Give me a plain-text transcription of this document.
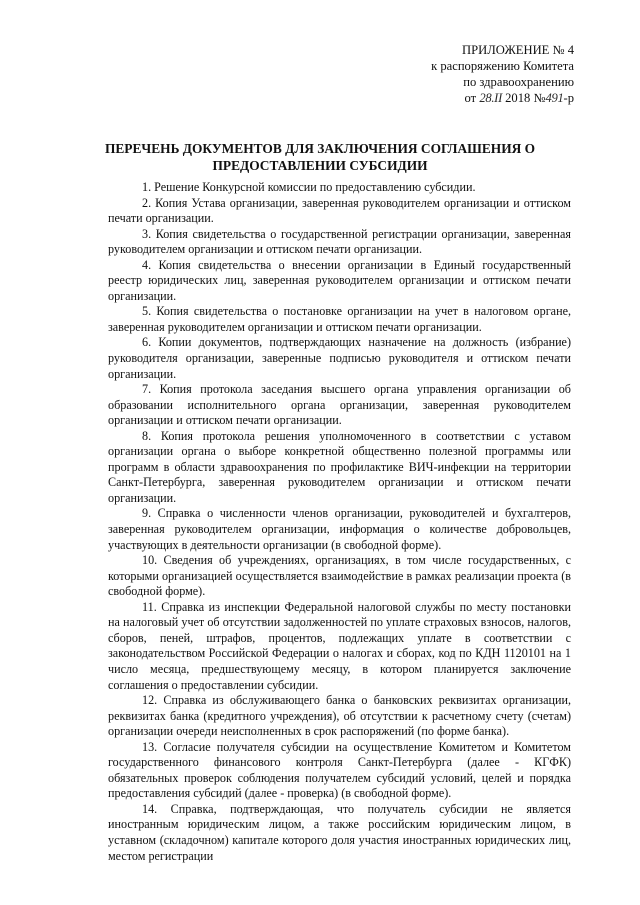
ПРИЛОЖЕНИЕ № 4
к распоряжению Комитета
по здравоохранению
от 28.II 2018 №491-р
ПЕРЕЧЕНЬ ДОКУМЕНТОВ ДЛЯ ЗАКЛЮЧЕНИЯ СОГЛАШЕНИЯ О
ПРЕДОСТАВЛЕНИИ СУБСИДИИ

1. Решение Конкурсной комиссии по предоставлению субсидии.

2. Копия Устава организации, заверенная руководителем организации и оттиском печати организации.

3. Копия свидетельства о государственной регистрации организации, заверенная руководителем организации и оттиском печати организации.

4. Копия свидетельства о внесении организации в Единый государственный реестр юридических лиц, заверенная руководителем организации и оттиском печати организации.

5. Копия свидетельства о постановке организации на учет в налоговом органе, заверенная руководителем организации и оттиском печати организации.

6. Копии документов, подтверждающих назначение на должность (избрание) руководителя организации, заверенные подписью руководителя и оттиском печати организации.

7. Копия протокола заседания высшего органа управления организации об образовании исполнительного органа организации, заверенная руководителем организации и оттиском печати организации.

8. Копия протокола решения уполномоченного в соответствии с уставом организации органа о выборе конкретной общественно полезной программы или программ в области здравоохранения по профилактике ВИЧ-инфекции на территории Санкт-Петербурга, заверенная руководителем организации и оттиском печати организации.

9. Справка о численности членов организации, руководителей и бухгалтеров, заверенная руководителем организации, информация о количестве добровольцев, участвующих в деятельности организации (в свободной форме).

10. Сведения об учреждениях, организациях, в том числе государственных, с которыми организацией осуществляется взаимодействие в рамках реализации проекта (в свободной форме).

11. Справка из инспекции Федеральной налоговой службы по месту постановки на налоговый учет об отсутствии задолженностей по уплате страховых взносов, налогов, сборов, пеней, штрафов, процентов, подлежащих уплате в соответствии с законодательством Российской Федерации о налогах и сборах, код по КДН 1120101 на 1 число месяца, предшествующему месяцу, в котором планируется заключение соглашения о предоставлении субсидии.

12. Справка из обслуживающего банка о банковских реквизитах организации, реквизитах банка (кредитного учреждения), об отсутствии к расчетному счету (счетам) организации очереди неисполненных в срок распоряжений (по форме банка).

13. Согласие получателя субсидии на осуществление Комитетом и Комитетом государственного финансового контроля Санкт-Петербурга (далее - КГФК) обязательных проверок соблюдения получателем субсидий условий, целей и порядка предоставления субсидий (далее - проверка) (в свободной форме).

14. Справка, подтверждающая, что получатель субсидии не является иностранным юридическим лицом, а также российским юридическим лицом, в уставном (складочном) капитале которого доля участия иностранных юридических лиц, местом регистрации
